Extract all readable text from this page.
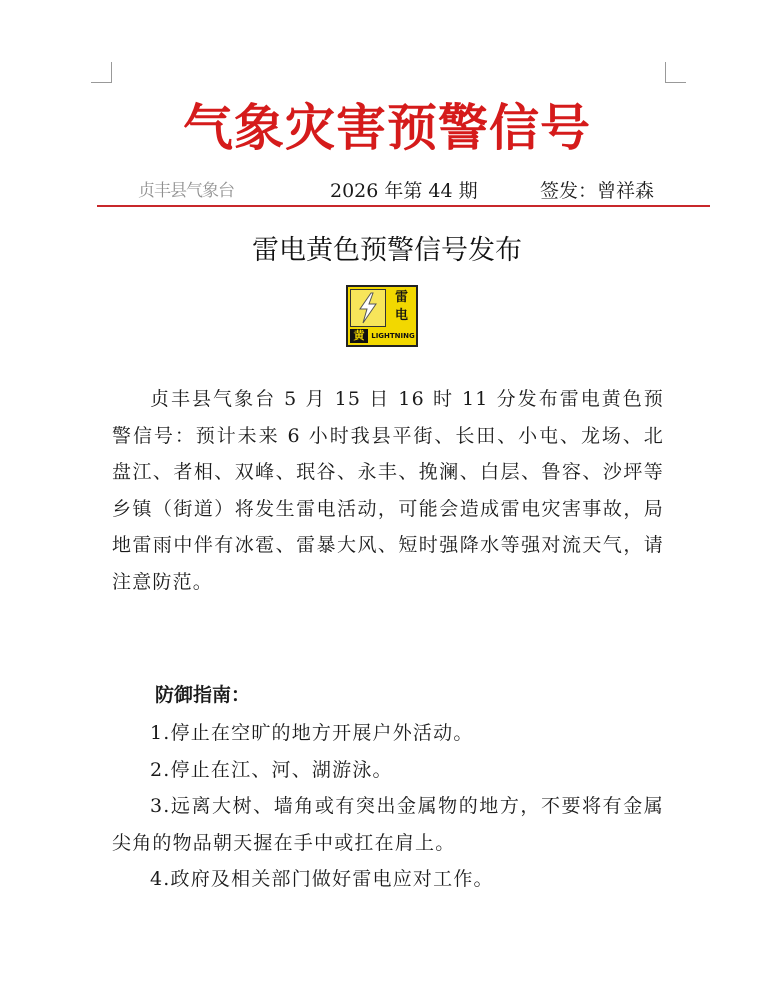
气象灾害预警信号
贞丰县气象台	2026 年第 44 期	签发：曾祥森
雷电黄色预警信号发布
雷
电
黄 LIGHTNING

贞丰县气象台 5 月 15 日 16 时 11 分发布雷电黄色预警信号：预计未来 6 小时我县平街、长田、小屯、龙场、北盘江、者相、双峰、珉谷、永丰、挽澜、白层、鲁容、沙坪等乡镇（街道）将发生雷电活动，可能会造成雷电灾害事故，局地雷雨中伴有冰雹、雷暴大风、短时强降水等强对流天气，请注意防范。

防御指南：

1.停止在空旷的地方开展户外活动。

2.停止在江、河、湖游泳。

3.远离大树、墙角或有突出金属物的地方，不要将有金属尖角的物品朝天握在手中或扛在肩上。

4.政府及相关部门做好雷电应对工作。
